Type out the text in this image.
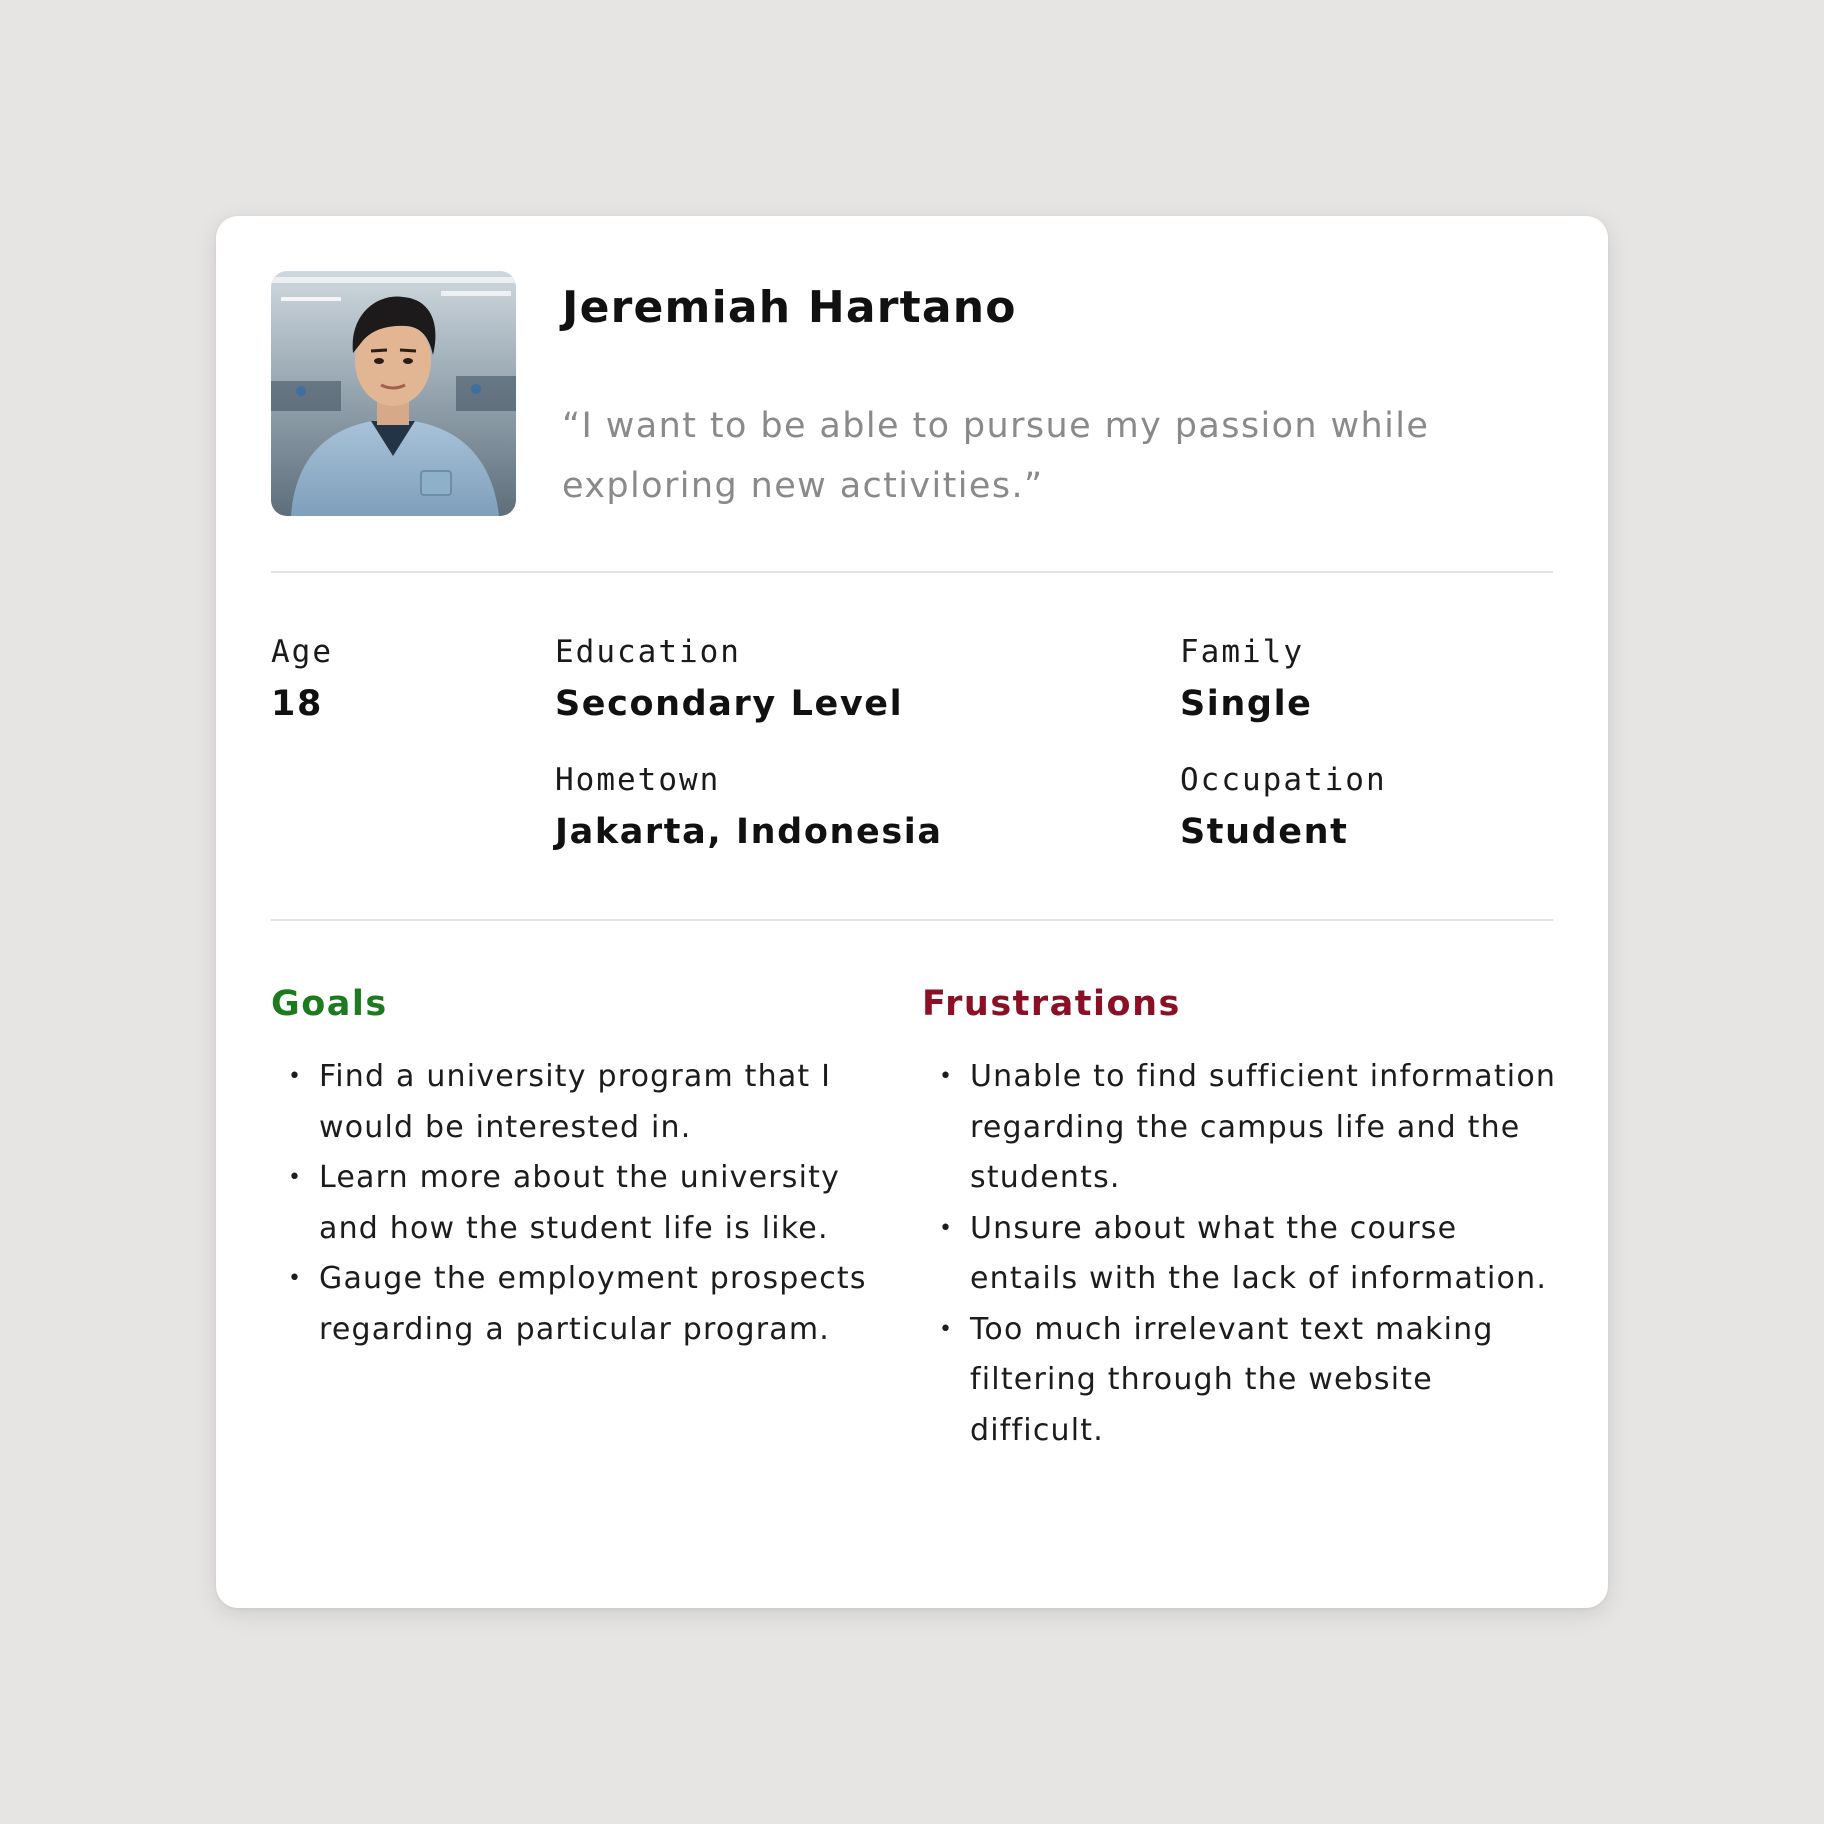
Jeremiah Hartano
“I want to be able to pursue my passion while exploring new activities.”
Age
18
Education
Secondary Level
Family
Single
Hometown
Jakarta, Indonesia
Occupation
Student
Goals
• Find a university program that I would be interested in.
• Learn more about the university and how the student life is like.
• Gauge the employment prospects regarding a particular program.
Frustrations
• Unable to find sufficient information regarding the campus life and the students.
• Unsure about what the course entails with the lack of information.
• Too much irrelevant text making filtering through the website difficult.
